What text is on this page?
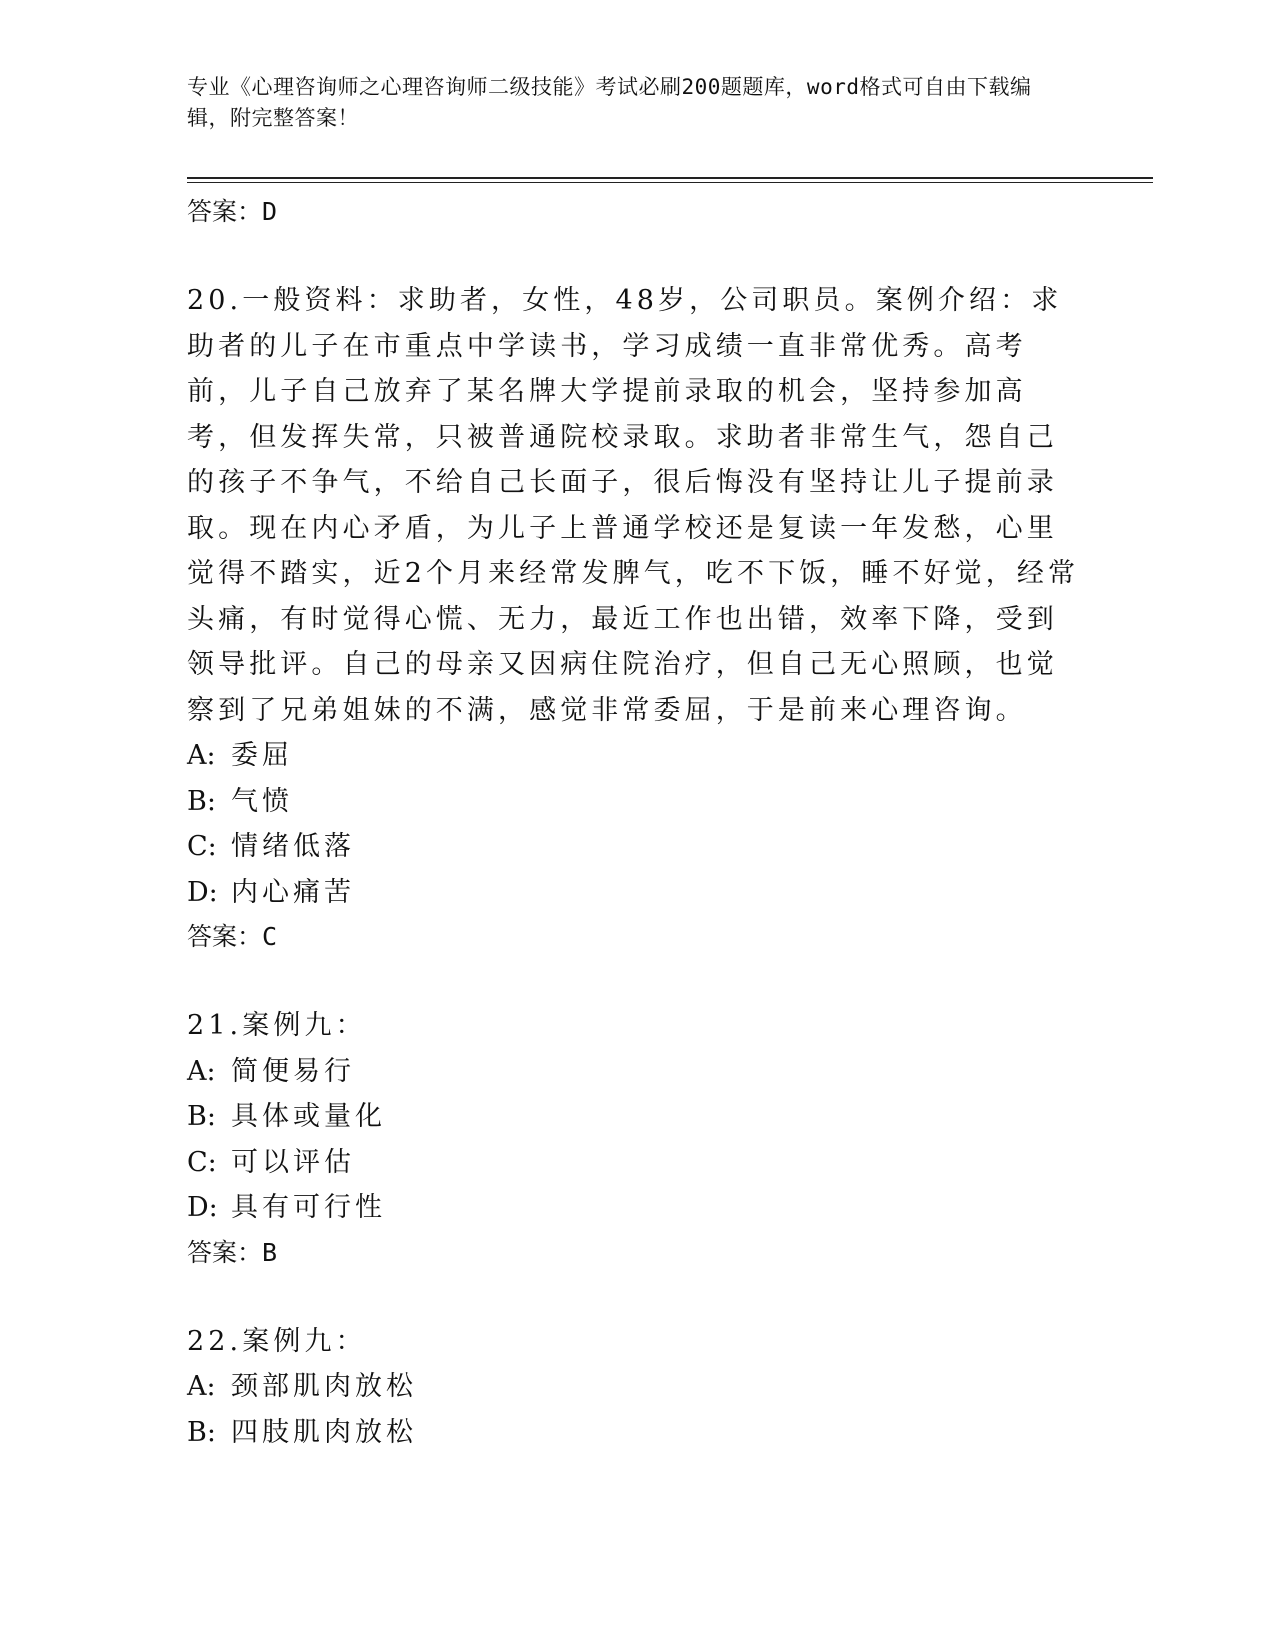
专业《心理咨询师之心理咨询师二级技能》考试必刷200题题库，word格式可自由下载编辑，附完整答案！
答案：D

20.一般资料：求助者，女性，48岁，公司职员。案例介绍：求助者的儿子在市重点中学读书，学习成绩一直非常优秀。高考前，儿子自己放弃了某名牌大学提前录取的机会，坚持参加高考，但发挥失常，只被普通院校录取。求助者非常生气，怨自己的孩子不争气，不给自己长面子，很后悔没有坚持让儿子提前录取。现在内心矛盾，为儿子上普通学校还是复读一年发愁，心里觉得不踏实，近2个月来经常发脾气，吃不下饭，睡不好觉，经常头痛，有时觉得心慌、无力，最近工作也出错，效率下降，受到领导批评。自己的母亲又因病住院治疗，但自己无心照顾，也觉察到了兄弟姐妹的不满，感觉非常委屈，于是前来心理咨询。

A: 委屈
B: 气愤
C: 情绪低落
D: 内心痛苦
答案：C

21.案例九：

A: 简便易行
B: 具体或量化
C: 可以评估
D: 具有可行性
答案：B

22.案例九：

A: 颈部肌肉放松
B: 四肢肌肉放松
